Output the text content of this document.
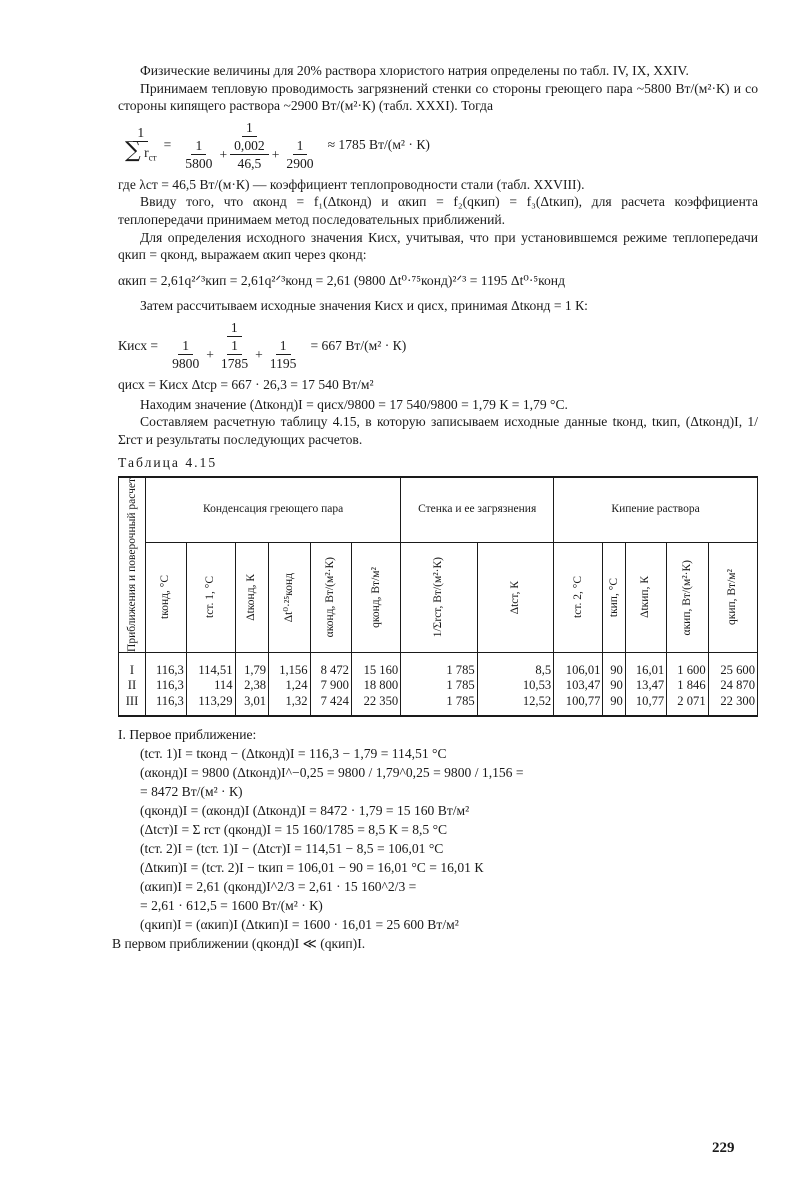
Физические величины для 20% раствора хлористого натрия определены по табл. IV, IX, XXIV.

Принимаем тепловую проводимость загрязнений стенки со стороны греющего пара ~5800 Вт/(м²·К) и со стороны кипящего раствора ~2900 Вт/(м²·К) (табл. XXXI). Тогда

$\frac{1}{\sum r_{ст}} = \frac{1}{\frac{1}{5800} + \frac{0,002}{46,5} + \frac{1}{2900}} \approx 1785$ Вт/(м² · К)

где λст = 46,5 Вт/(м·К) — коэффициент теплопроводности стали (табл. XXVIII).

Ввиду того, что αконд = f₁(Δtконд) и αкип = f₂(qкип) = f₃(Δtкип), для расчета коэффициента теплопередачи принимаем метод последовательных приближений.

Для определения исходного значения Кисх, учитывая, что при установившемся режиме теплопередачи qкип = qконд, выражаем αкип через qконд:

αкип = 2,61q²ᐟ³кип = 2,61q²ᐟ³конд = 2,61 (9800 Δt⁰·⁷⁵конд)²ᐟ³ = 1195 Δt⁰·⁵конд

Затем рассчитываем исходные значения Кисх и qисх, принимая Δtконд = 1 К:

Кисх = $\frac{1}{\frac{1}{9800} + \frac{1}{1785} + \frac{1}{1195}} = 667$ Вт/(м² · К)
qисх = Кисх Δtср = 667 · 26,3 = 17 540 Вт/м²

Находим значение (Δtконд)I = qисх/9800 = 17 540/9800 = 1,79 К = 1,79 °С.

Составляем расчетную таблицу 4.15, в которую записываем исходные данные tконд, tкип, (Δtконд)I, 1/Σrст и результаты последующих расчетов.

Таблица 4.15
Приближения и поверочный расчет	Конденсация греющего пара						Стенка и ее загрязнения		Кипение раствора				

	tконд, °С	tст. 1, °С	Δtконд, К	Δt⁰·²⁵конд	αконд, Вт/(м²·К)	qконд, Вт/м²	1/Σrст, Вт/(м²·К)	Δtст, К	tст. 2, °С	tкип, °С	Δtкип, К	αкип, Вт/(м²·К)	qкип, Вт/м²

I	116,3	114,51	1,79	1,156	8 472	15 160	1 785	8,5	106,01	90	16,01	1 600	25 600
II	116,3	114	2,38	1,24	7 900	18 800	1 785	10,53	103,47	90	13,47	1 846	24 870
III	116,3	113,29	3,01	1,32	7 424	22 350	1 785	12,52	100,77	90	10,77	2 071	22 300
I. Первое приближение:
(tст. 1)I = tконд − (Δtконд)I = 116,3 − 1,79 = 114,51 °С
(αконд)I = 9800 (Δtконд)I^−0,25 = 9800 / 1,79^0,25 = 9800 / 1,156 =
= 8472 Вт/(м² · К)
(qконд)I = (αконд)I (Δtконд)I = 8472 · 1,79 = 15 160 Вт/м²
(Δtст)I = Σ rст (qконд)I = 15 160/1785 = 8,5 К = 8,5 °С
(tст. 2)I = (tст. 1)I − (Δtст)I = 114,51 − 8,5 = 106,01 °С
(Δtкип)I = (tст. 2)I − tкип = 106,01 − 90 = 16,01 °С = 16,01 К
(αкип)I = 2,61 (qконд)I^2/3 = 2,61 · 15 160^2/3 =
= 2,61 · 612,5 = 1600 Вт/(м² · К)
(qкип)I = (αкип)I (Δtкип)I = 1600 · 16,01 = 25 600 Вт/м²
В первом приближении (qконд)I ≪ (qкип)I.
229
